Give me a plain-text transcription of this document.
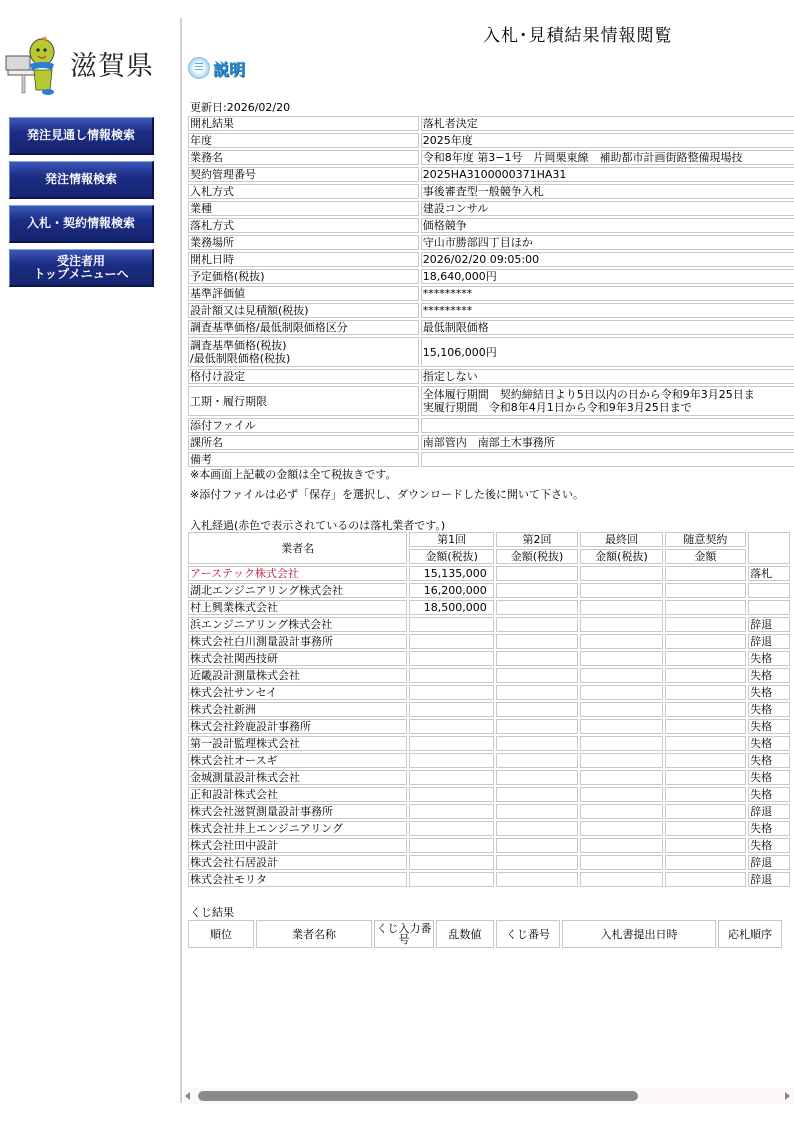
滋賀県
発注見通し情報検索
発注情報検索
入札・契約情報検索
受注者用
トップメニューへ
入札･見積結果情報閲覧
説明
更新日:2026/02/20
開札結果	落札者決定
年度	2025年度
業務名	令和8年度 第3−1号　片岡栗東線　補助都市計画街路整備現場技
契約管理番号	2025HA3100000371HA31
入札方式	事後審査型一般競争入札
業種	建設コンサル
落札方式	価格競争
業務場所	守山市勝部四丁目ほか
開札日時	2026/02/20 09:05:00
予定価格(税抜)	18,640,000円
基準評価値	*********
設計額又は見積額(税抜)	*********
調査基準価格/最低制限価格区分	最低制限価格

調査基準価格(税抜)
/最低制限価格(税抜)	15,106,000円
格付け設定	指定しない
工期・履行期限	全体履行期間　契約締結日より5日以内の日から令和9年3月25日ま
実履行期間　令和8年4月1日から令和9年3月25日まで

添付ファイル	
課所名	南部管内　南部土木事務所
備考	
※本画面上記載の金額は全て税抜きです。
※添付ファイルは必ず「保存」を選択し、ダウンロードした後に開いて下さい。
入札経過(赤色で表示されているのは落札業者です。)
業者名	第1回	第2回	最終回	随意契約	
	金額(税抜)	金額(税抜)	金額(税抜)	金額	
アーステック株式会社	15,135,000				落札
湖北エンジニアリング株式会社	16,200,000				
村上興業株式会社	18,500,000				
浜エンジニアリング株式会社					辞退
株式会社白川測量設計事務所					辞退
株式会社関西技研					失格
近畿設計測量株式会社					失格
株式会社サンセイ					失格
株式会社新洲					失格
株式会社鈴鹿設計事務所					失格
第一設計監理株式会社					失格
株式会社オースギ					失格
金城測量設計株式会社					失格
正和設計株式会社					失格
株式会社滋賀測量設計事務所					辞退
株式会社井上エンジニアリング					失格
株式会社田中設計					失格
株式会社石居設計					辞退
株式会社モリタ					辞退
くじ結果
順位	業者名称	くじ入力番号	乱数値	くじ番号	入札書提出日時	応札順序
